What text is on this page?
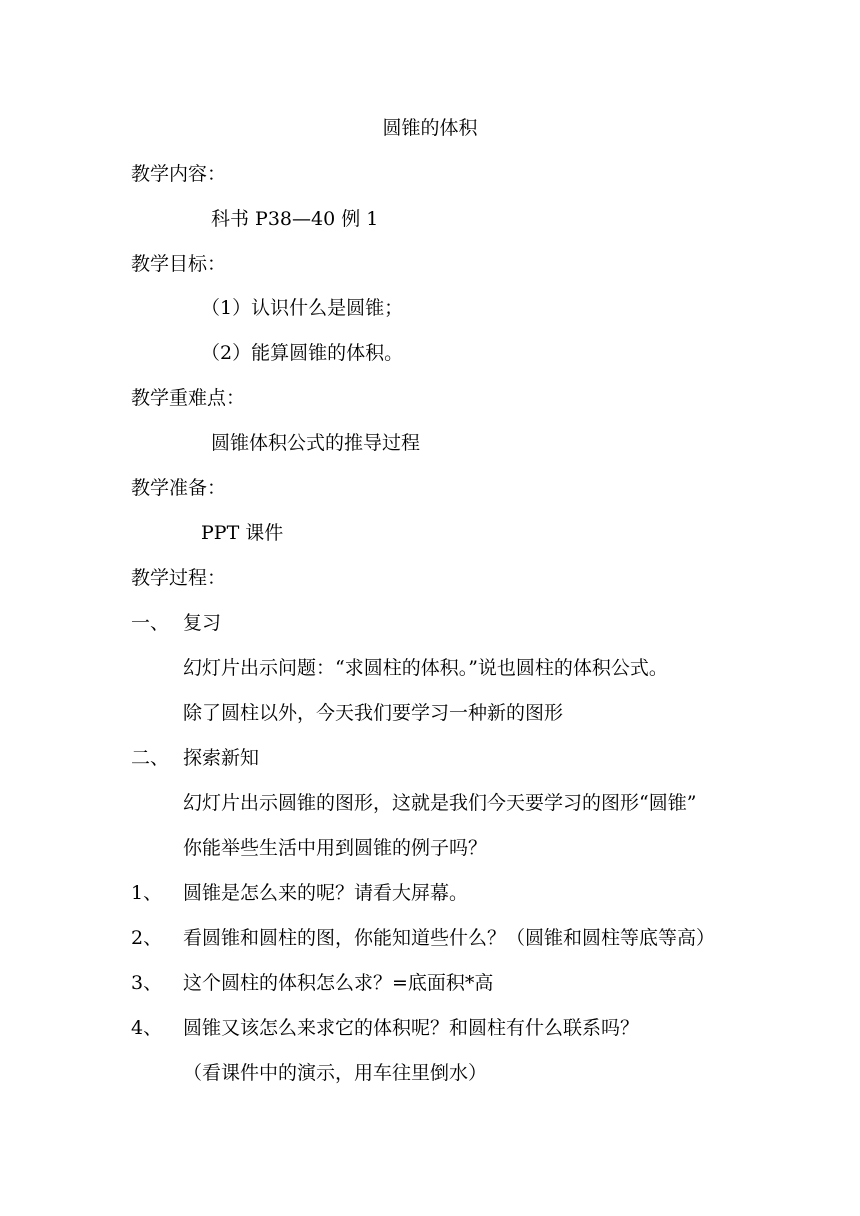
圆锥的体积
教学内容：
科书 P38—40 例 1
教学目标：
（1）认识什么是圆锥；
（2）能算圆锥的体积。
教学重难点：
圆锥体积公式的推导过程
教学准备：
PPT 课件
教学过程：
一、 复习
幻灯片出示问题：“求圆柱的体积。”说也圆柱的体积公式。
除了圆柱以外，今天我们要学习一种新的图形
二、 探索新知
幻灯片出示圆锥的图形，这就是我们今天要学习的图形“圆锥”
你能举些生活中用到圆锥的例子吗？
1、 圆锥是怎么来的呢？请看大屏幕。
2、 看圆锥和圆柱的图，你能知道些什么？（圆锥和圆柱等底等高）
3、 这个圆柱的体积怎么求？=底面积*高
4、 圆锥又该怎么来求它的体积呢？和圆柱有什么联系吗？
（看课件中的演示，用车往里倒水）
